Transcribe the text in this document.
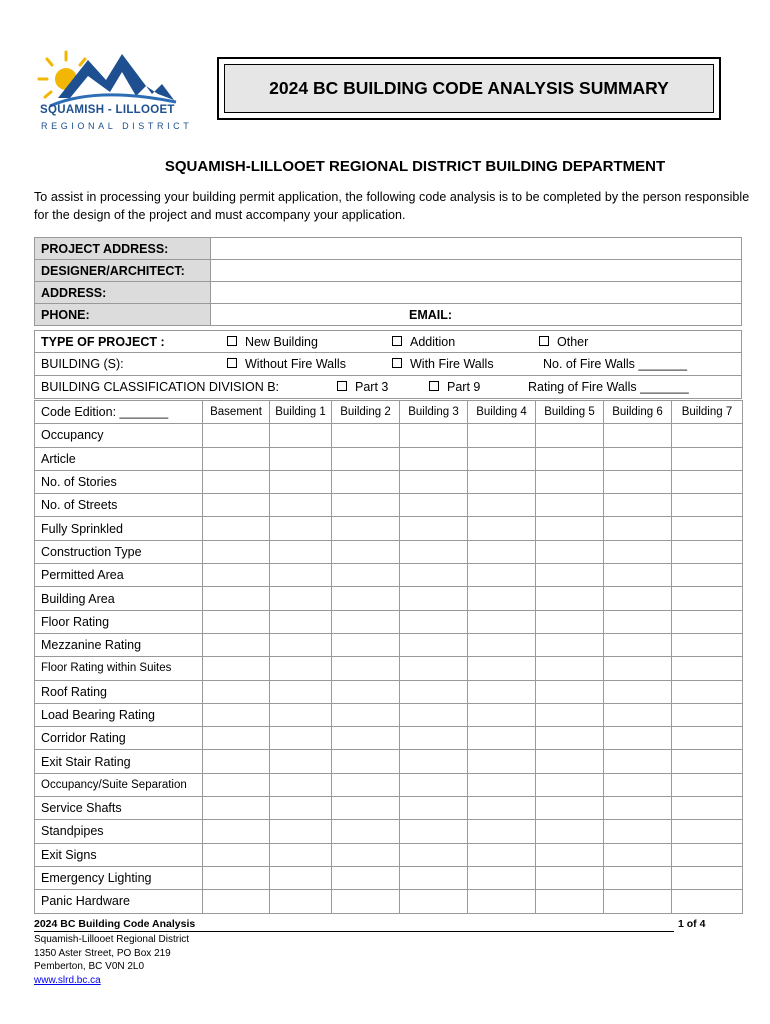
SQUAMISH - LILLOOET
REGIONAL DISTRICT
2024 BC BUILDING CODE ANALYSIS SUMMARY
SQUAMISH-LILLOOET REGIONAL DISTRICT BUILDING DEPARTMENT
To assist in processing your building permit application, the following code analysis is to be completed by the person responsible for the design of the project and must accompany your application.
PROJECT ADDRESS:	
DESIGNER/ARCHITECT:	
ADDRESS:	
PHONE:	EMAIL:
TYPE OF PROJECT :	New Building	Addition	Other
BUILDING (S):	Without Fire Walls	With Fire Walls	No. of Fire Walls _______
BUILDING CLASSIFICATION DIVISION B:	Part 3	Part 9	Rating of Fire Walls _______
Code Edition: _______	Basement	Building 1	Building 2	Building 3	Building 4	Building 5	Building 6	Building 7
Occupancy								
Article								
No. of Stories								
No. of Streets								
Fully Sprinkled								
Construction Type								
Permitted Area								
Building Area								
Floor Rating								
Mezzanine Rating								
Floor Rating within Suites								
Roof Rating								
Load Bearing Rating								
Corridor Rating								
Exit Stair Rating								
Occupancy/Suite Separation								
Service Shafts								
Standpipes								
Exit Signs								
Emergency Lighting								
Panic Hardware								
2024 BC Building Code Analysis	1 of 4
Squamish-Lillooet Regional District
1350 Aster Street, PO Box 219
Pemberton, BC V0N 2L0
www.slrd.bc.ca
